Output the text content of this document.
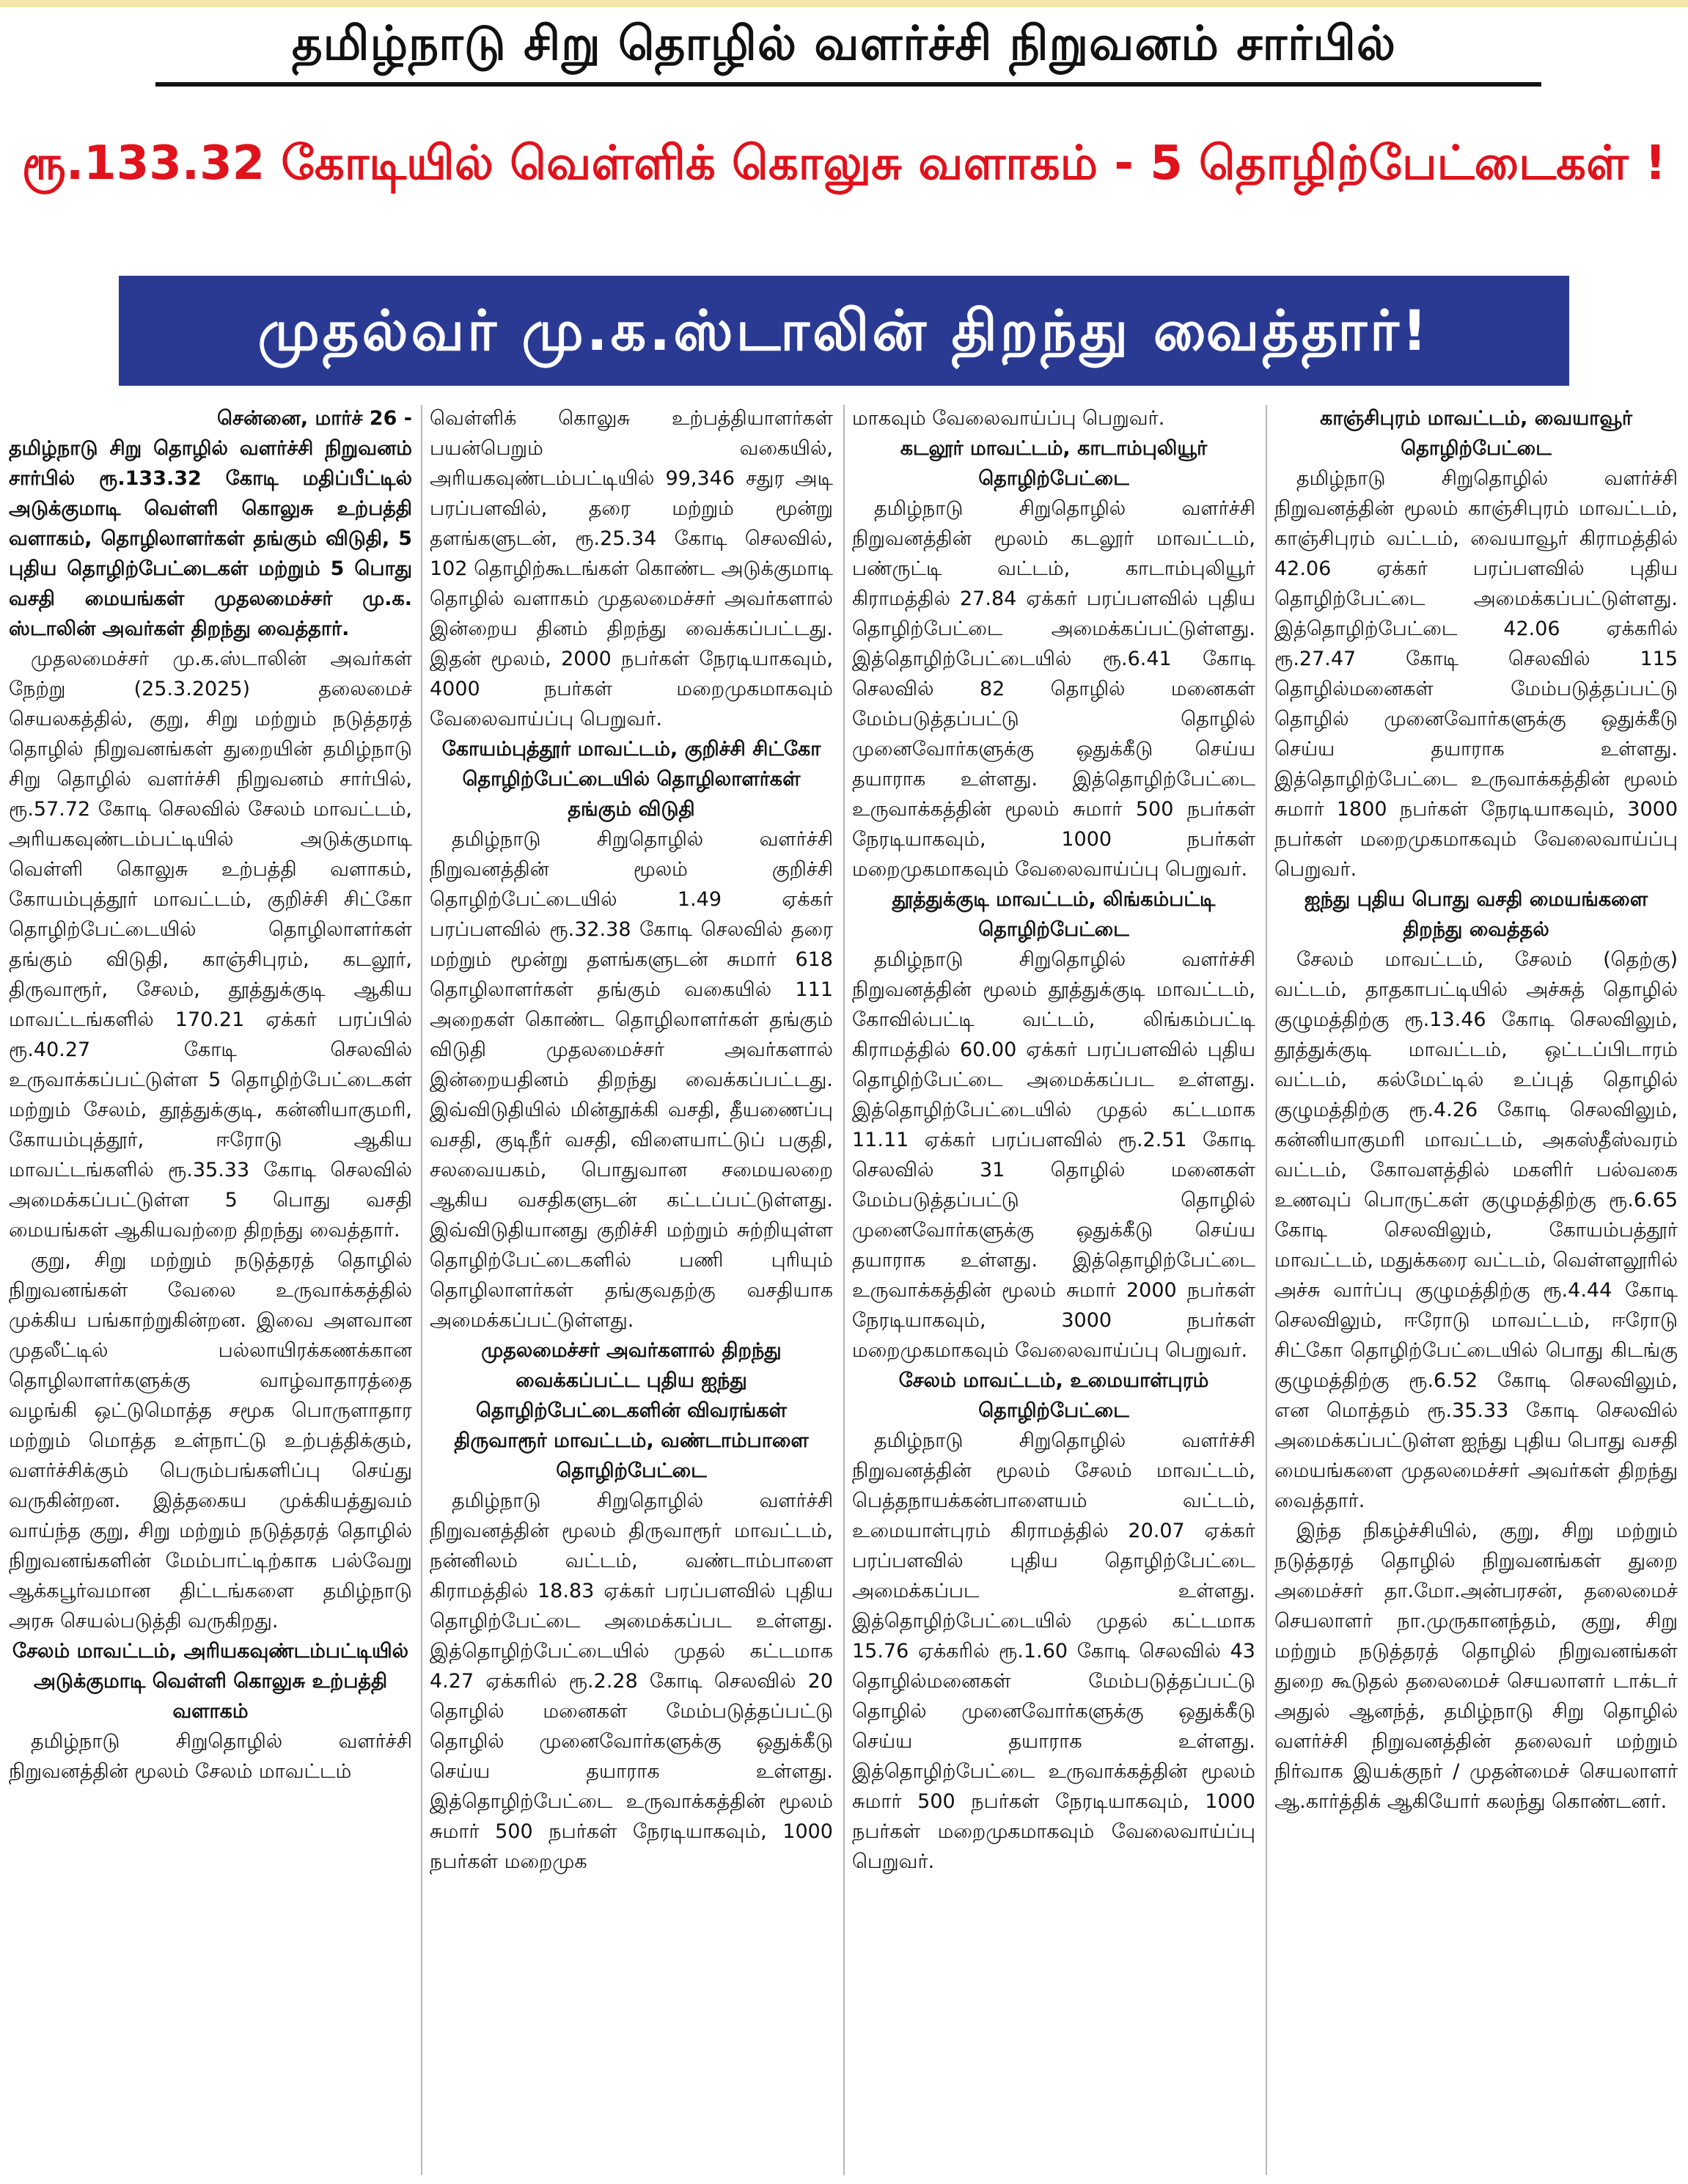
தமிழ்நாடு சிறு தொழில் வளர்ச்சி நிறுவனம் சார்பில்
ரூ.133.32 கோடியில் வெள்ளிக் கொலுசு வளாகம் - 5 தொழிற்பேட்டைகள் !
முதல்வர் மு.க.ஸ்டாலின் திறந்து வைத்தார்!
சென்னை, மார்ச் 26 -

தமிழ்நாடு சிறு தொழில் வளர்ச்சி நிறுவனம் சார்பில் ரூ.133.32 கோடி மதிப்பீட்டில் அடுக்குமாடி வெள்ளி கொலுசு உற்பத்தி வளாகம், தொழிலாளர்கள் தங்கும் விடுதி, 5 புதிய தொழிற்பேட்டைகள் மற்றும் 5 பொது வசதி மையங்கள் முதலமைச்சர் மு.க. ஸ்டாலின் அவர்கள் திறந்து வைத்தார்.

முதலமைச்சர் மு.க.ஸ்டாலின் அவர்கள் நேற்று (25.3.2025) தலைமைச் செயலகத்தில், குறு, சிறு மற்றும் நடுத்தரத் தொழில் நிறுவனங்கள் துறையின் தமிழ்நாடு சிறு தொழில் வளர்ச்சி நிறுவனம் சார்பில், ரூ.57.72 கோடி செலவில் சேலம் மாவட்டம், அரியகவுண்டம்பட்டியில் அடுக்குமாடி வெள்ளி கொலுசு உற்பத்தி வளாகம், கோயம்புத்தூர் மாவட்டம், குறிச்சி சிட்கோ தொழிற்பேட்டையில் தொழிலாளர்கள் தங்கும் விடுதி, காஞ்சிபுரம், கடலூர், திருவாரூர், சேலம், தூத்துக்குடி ஆகிய மாவட்டங்களில் 170.21 ஏக்கர் பரப்பில் ரூ.40.27 கோடி செலவில் உருவாக்கப்பட்டுள்ள 5 தொழிற்பேட்டைகள் மற்றும் சேலம், தூத்துக்குடி, கன்னியாகுமரி, கோயம்புத்தூர், ஈரோடு ஆகிய மாவட்டங்களில் ரூ.35.33 கோடி செலவில் அமைக்கப்பட்டுள்ள 5 பொது வசதி மையங்கள் ஆகியவற்றை திறந்து வைத்தார்.

குறு, சிறு மற்றும் நடுத்தரத் தொழில் நிறுவனங்கள் வேலை உருவாக்கத்தில் முக்கிய பங்காற்றுகின்றன. இவை அளவான முதலீட்டில் பல்லாயிரக்கணக்கான தொழிலாளர்களுக்கு வாழ்வாதாரத்தை வழங்கி ஒட்டுமொத்த சமூக பொருளாதார மற்றும் மொத்த உள்நாட்டு உற்பத்திக்கும், வளர்ச்சிக்கும் பெரும்பங்களிப்பு செய்து வருகின்றன. இத்தகைய முக்கியத்துவம் வாய்ந்த குறு, சிறு மற்றும் நடுத்தரத் தொழில் நிறுவனங்களின் மேம்பாட்டிற்காக பல்வேறு ஆக்கபூர்வமான திட்டங்களை தமிழ்நாடு அரசு செயல்படுத்தி வருகிறது.

சேலம் மாவட்டம், அரியகவுண்டம்பட்டியில் அடுக்குமாடி வெள்ளி கொலுசு உற்பத்தி வளாகம்

தமிழ்நாடு சிறுதொழில் வளர்ச்சி நிறுவனத்தின் மூலம் சேலம் மாவட்டம்

வெள்ளிக் கொலுசு உற்பத்தியாளர்கள் பயன்பெறும் வகையில், அரியகவுண்டம்பட்டியில் 99,346 சதுர அடி பரப்பளவில், தரை மற்றும் மூன்று தளங்களுடன், ரூ.25.34 கோடி செலவில், 102 தொழிற்கூடங்கள் கொண்ட அடுக்குமாடி தொழில் வளாகம் முதலமைச்சர் அவர்களால் இன்றைய தினம் திறந்து வைக்கப்பட்டது. இதன் மூலம், 2000 நபர்கள் நேரடியாகவும், 4000 நபர்கள் மறைமுகமாகவும் வேலைவாய்ப்பு பெறுவர்.

கோயம்புத்தூர் மாவட்டம், குறிச்சி சிட்கோ தொழிற்பேட்டையில் தொழிலாளர்கள் தங்கும் விடுதி

தமிழ்நாடு சிறுதொழில் வளர்ச்சி நிறுவனத்தின் மூலம் குறிச்சி தொழிற்பேட்டையில் 1.49 ஏக்கர் பரப்பளவில் ரூ.32.38 கோடி செலவில் தரை மற்றும் மூன்று தளங்களுடன் சுமார் 618 தொழிலாளர்கள் தங்கும் வகையில் 111 அறைகள் கொண்ட தொழிலாளர்கள் தங்கும் விடுதி முதலமைச்சர் அவர்களால் இன்றையதினம் திறந்து வைக்கப்பட்டது. இவ்விடுதியில் மின்தூக்கி வசதி, தீயணைப்பு வசதி, குடிநீர் வசதி, விளையாட்டுப் பகுதி, சலவையகம், பொதுவான சமையலறை ஆகிய வசதிகளுடன் கட்டப்பட்டுள்ளது. இவ்விடுதியானது குறிச்சி மற்றும் சுற்றியுள்ள தொழிற்பேட்டைகளில் பணி புரியும் தொழிலாளர்கள் தங்குவதற்கு வசதியாக அமைக்கப்பட்டுள்ளது.

முதலமைச்சர் அவர்களால் திறந்து வைக்கப்பட்ட புதிய ஐந்து தொழிற்பேட்டைகளின் விவரங்கள்
திருவாரூர் மாவட்டம், வண்டாம்பாளை தொழிற்பேட்டை

தமிழ்நாடு சிறுதொழில் வளர்ச்சி நிறுவனத்தின் மூலம் திருவாரூர் மாவட்டம், நன்னிலம் வட்டம், வண்டாம்பாளை கிராமத்தில் 18.83 ஏக்கர் பரப்பளவில் புதிய தொழிற்பேட்டை அமைக்கப்பட உள்ளது. இத்தொழிற்பேட்டையில் முதல் கட்டமாக 4.27 ஏக்கரில் ரூ.2.28 கோடி செலவில் 20 தொழில் மனைகள் மேம்படுத்தப்பட்டு தொழில் முனைவோர்களுக்கு ஒதுக்கீடு செய்ய தயாராக உள்ளது. இத்தொழிற்பேட்டை உருவாக்கத்தின் மூலம் சுமார் 500 நபர்கள் நேரடியாகவும், 1000 நபர்கள் மறைமுக

மாகவும் வேலைவாய்ப்பு பெறுவர்.

கடலூர் மாவட்டம், காடாம்புலியூர் தொழிற்பேட்டை

தமிழ்நாடு சிறுதொழில் வளர்ச்சி நிறுவனத்தின் மூலம் கடலூர் மாவட்டம், பண்ருட்டி வட்டம், காடாம்புலியூர் கிராமத்தில் 27.84 ஏக்கர் பரப்பளவில் புதிய தொழிற்பேட்டை அமைக்கப்பட்டுள்ளது. இத்தொழிற்பேட்டையில் ரூ.6.41 கோடி செலவில் 82 தொழில் மனைகள் மேம்படுத்தப்பட்டு தொழில் முனைவோர்களுக்கு ஒதுக்கீடு செய்ய தயாராக உள்ளது. இத்தொழிற்பேட்டை உருவாக்கத்தின் மூலம் சுமார் 500 நபர்கள் நேரடியாகவும், 1000 நபர்கள் மறைமுகமாகவும் வேலைவாய்ப்பு பெறுவர்.

தூத்துக்குடி மாவட்டம், லிங்கம்பட்டி தொழிற்பேட்டை

தமிழ்நாடு சிறுதொழில் வளர்ச்சி நிறுவனத்தின் மூலம் தூத்துக்குடி மாவட்டம், கோவில்பட்டி வட்டம், லிங்கம்பட்டி கிராமத்தில் 60.00 ஏக்கர் பரப்பளவில் புதிய தொழிற்பேட்டை அமைக்கப்பட உள்ளது. இத்தொழிற்பேட்டையில் முதல் கட்டமாக 11.11 ஏக்கர் பரப்பளவில் ரூ.2.51 கோடி செலவில் 31 தொழில் மனைகள் மேம்படுத்தப்பட்டு தொழில் முனைவோர்களுக்கு ஒதுக்கீடு செய்ய தயாராக உள்ளது. இத்தொழிற்பேட்டை உருவாக்கத்தின் மூலம் சுமார் 2000 நபர்கள் நேரடியாகவும், 3000 நபர்கள் மறைமுகமாகவும் வேலைவாய்ப்பு பெறுவர்.

சேலம் மாவட்டம், உமையாள்புரம் தொழிற்பேட்டை

தமிழ்நாடு சிறுதொழில் வளர்ச்சி நிறுவனத்தின் மூலம் சேலம் மாவட்டம், பெத்தநாயக்கன்பாளையம் வட்டம், உமையாள்புரம் கிராமத்தில் 20.07 ஏக்கர் பரப்பளவில் புதிய தொழிற்பேட்டை அமைக்கப்பட உள்ளது. இத்தொழிற்பேட்டையில் முதல் கட்டமாக 15.76 ஏக்கரில் ரூ.1.60 கோடி செலவில் 43 தொழில்மனைகள் மேம்படுத்தப்பட்டு தொழில் முனைவோர்களுக்கு ஒதுக்கீடு செய்ய தயாராக உள்ளது. இத்தொழிற்பேட்டை உருவாக்கத்தின் மூலம் சுமார் 500 நபர்கள் நேரடியாகவும், 1000 நபர்கள் மறைமுகமாகவும் வேலைவாய்ப்பு பெறுவர்.

காஞ்சிபுரம் மாவட்டம், வையாவூர் தொழிற்பேட்டை

தமிழ்நாடு சிறுதொழில் வளர்ச்சி நிறுவனத்தின் மூலம் காஞ்சிபுரம் மாவட்டம், காஞ்சிபுரம் வட்டம், வையாவூர் கிராமத்தில் 42.06 ஏக்கர் பரப்பளவில் புதிய தொழிற்பேட்டை அமைக்கப்பட்டுள்ளது. இத்தொழிற்பேட்டை 42.06 ஏக்கரில் ரூ.27.47 கோடி செலவில் 115 தொழில்மனைகள் மேம்படுத்தப்பட்டு தொழில் முனைவோர்களுக்கு ஒதுக்கீடு செய்ய தயாராக உள்ளது. இத்தொழிற்பேட்டை உருவாக்கத்தின் மூலம் சுமார் 1800 நபர்கள் நேரடியாகவும், 3000 நபர்கள் மறைமுகமாகவும் வேலைவாய்ப்பு பெறுவர்.

ஐந்து புதிய பொது வசதி மையங்களை திறந்து வைத்தல்

சேலம் மாவட்டம், சேலம் (தெற்கு) வட்டம், தாதகாபட்டியில் அச்சுத் தொழில் குழுமத்திற்கு ரூ.13.46 கோடி செலவிலும், தூத்துக்குடி மாவட்டம், ஒட்டப்பிடாரம் வட்டம், கல்மேட்டில் உப்புத் தொழில் குழுமத்திற்கு ரூ.4.26 கோடி செலவிலும், கன்னியாகுமரி மாவட்டம், அகஸ்தீஸ்வரம் வட்டம், கோவளத்தில் மகளிர் பல்வகை உணவுப் பொருட்கள் குழுமத்திற்கு ரூ.6.65 கோடி செலவிலும், கோயம்பத்தூர் மாவட்டம், மதுக்கரை வட்டம், வெள்ளலூரில் அச்சு வார்ப்பு குழுமத்திற்கு ரூ.4.44 கோடி செலவிலும், ஈரோடு மாவட்டம், ஈரோடு சிட்கோ தொழிற்பேட்டையில் பொது கிடங்கு குழுமத்திற்கு ரூ.6.52 கோடி செலவிலும், என மொத்தம் ரூ.35.33 கோடி செலவில் அமைக்கப்பட்டுள்ள ஐந்து புதிய பொது வசதி மையங்களை முதலமைச்சர் அவர்கள் திறந்து வைத்தார்.

இந்த நிகழ்ச்சியில், குறு, சிறு மற்றும் நடுத்தரத் தொழில் நிறுவனங்கள் துறை அமைச்சர் தா.மோ.அன்பரசன், தலைமைச் செயலாளர் நா.முருகானந்தம், குறு, சிறு மற்றும் நடுத்தரத் தொழில் நிறுவனங்கள் துறை கூடுதல் தலைமைச் செயலாளர் டாக்டர் அதுல் ஆனந்த், தமிழ்நாடு சிறு தொழில் வளர்ச்சி நிறுவனத்தின் தலைவர் மற்றும் நிர்வாக இயக்குநர் / முதன்மைச் செயலாளர் ஆ.கார்த்திக் ஆகியோர் கலந்து கொண்டனர்.
